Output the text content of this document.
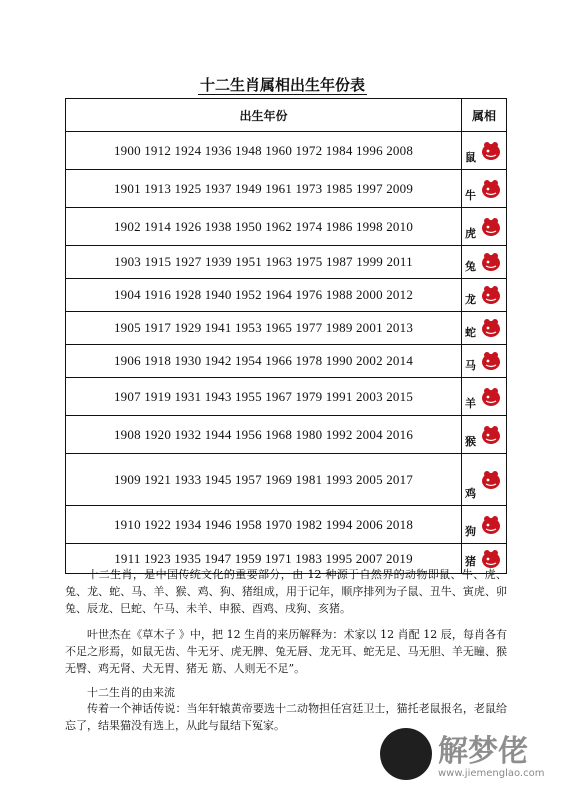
十二生肖属相出生年份表
出生年份	属相
1900 1912 1924 1936 1948 1960 1972 1984 1996 2008	鼠

1901 1913 1925 1937 1949 1961 1973 1985 1997 2009	牛

1902 1914 1926 1938 1950 1962 1974 1986 1998 2010	虎

1903 1915 1927 1939 1951 1963 1975 1987 1999 2011	兔

1904 1916 1928 1940 1952 1964 1976 1988 2000 2012	龙

1905 1917 1929 1941 1953 1965 1977 1989 2001 2013	蛇

1906 1918 1930 1942 1954 1966 1978 1990 2002 2014	马

1907 1919 1931 1943 1955 1967 1979 1991 2003 2015	羊

1908 1920 1932 1944 1956 1968 1980 1992 2004 2016	猴

1909 1921 1933 1945 1957 1969 1981 1993 2005 2017	鸡

1910 1922 1934 1946 1958 1970 1982 1994 2006 2018	狗

1911 1923 1935 1947 1959 1971 1983 1995 2007 2019	猪
十二生肖，是中国传统文化的重要部分，由 12 种源于自然界的动物即鼠、牛、虎、兔、龙、蛇、马、羊、猴、鸡、狗、猪组成，用于记年，顺序排列为子鼠、丑牛、寅虎、卯兔、辰龙、巳蛇、午马、未羊、申猴、酉鸡、戌狗、亥猪。
叶世杰在《草木子 》中，把 12 生肖的来历解释为：术家以 12 肖配 12 辰，每肖各有不足之形焉，如鼠无齿、牛无牙、虎无脾、兔无唇、龙无耳、蛇无足、马无胆、羊无瞳、猴无臀、鸡无肾、犬无胃、猪无 筋、人则无不足”。
十二生肖的由来流
传着一个神话传说：当年轩辕黄帝要选十二动物担任宫廷卫士，猫托老鼠报名，老鼠给忘了，结果猫没有选上，从此与鼠结下冤家。
解梦佬
www.jiemenglao.com
